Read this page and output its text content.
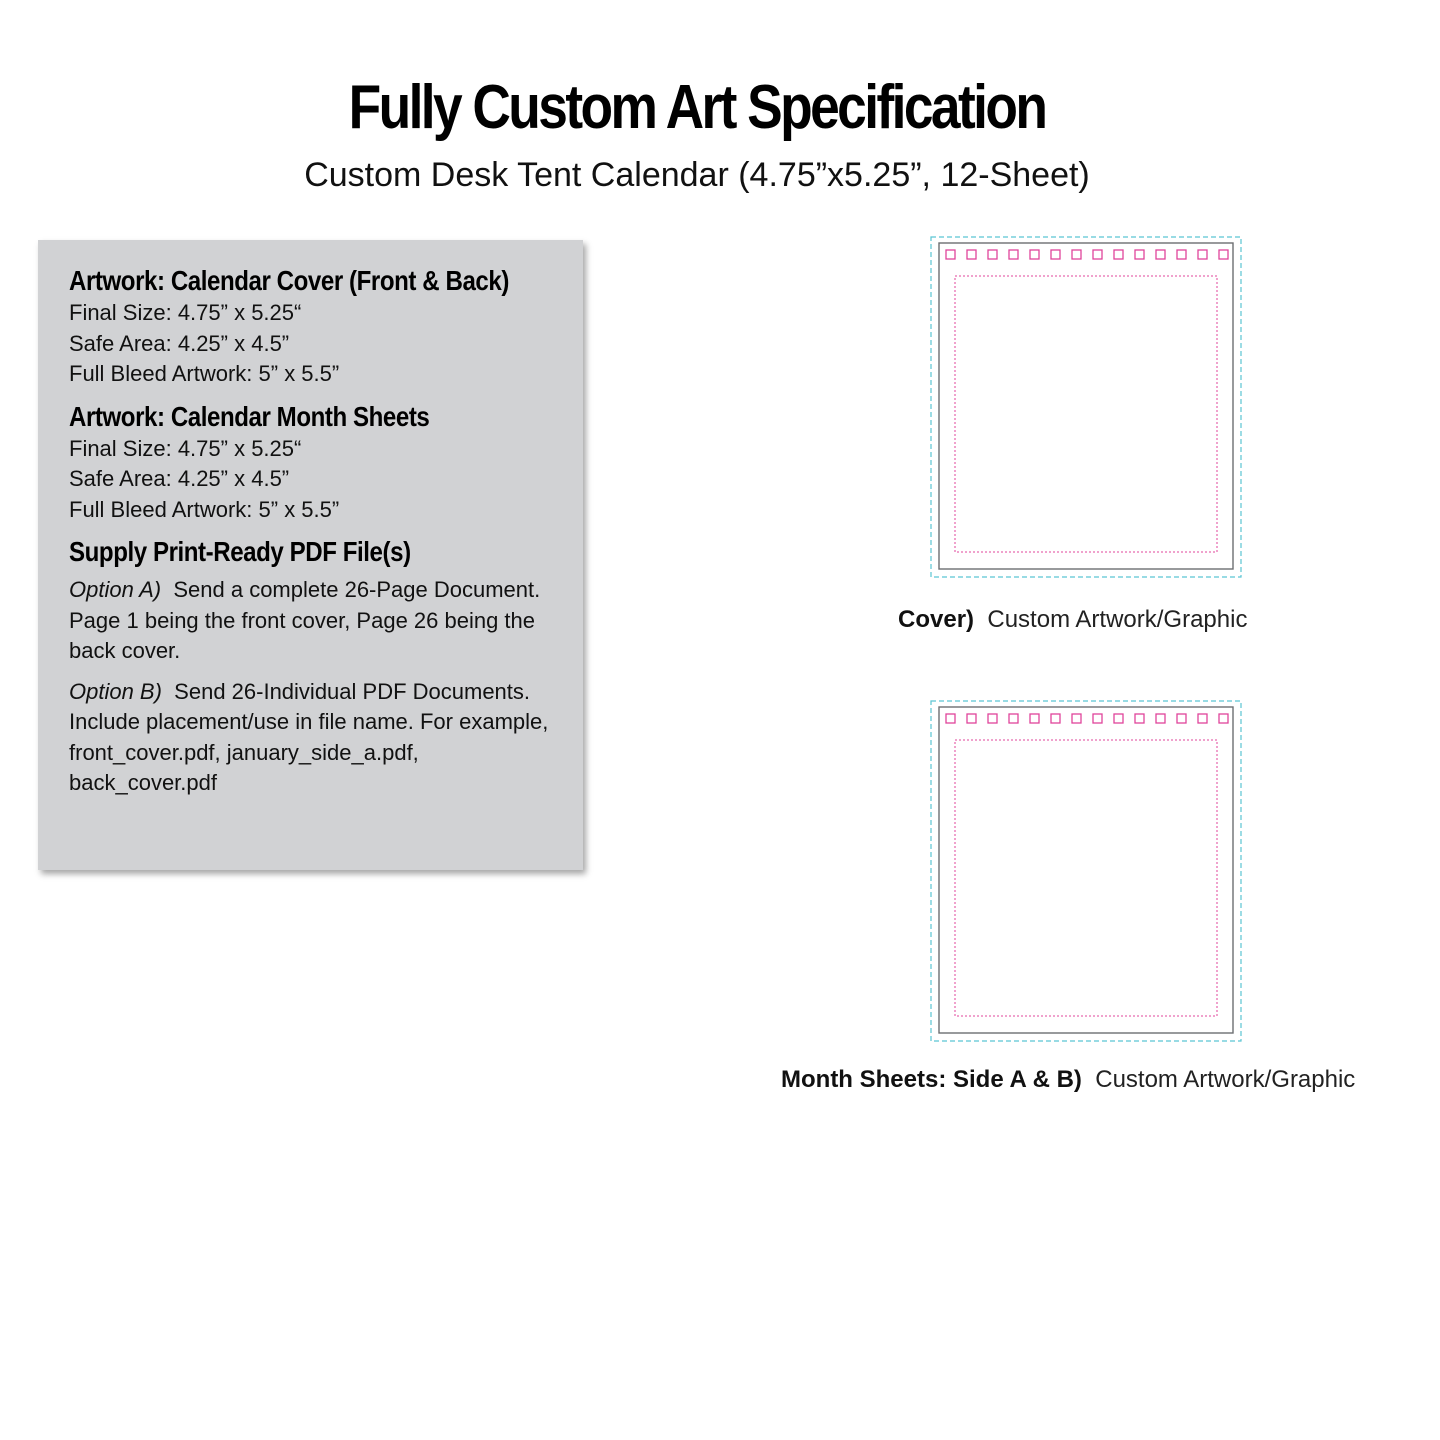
Fully Custom Art Specification
Custom Desk Tent Calendar (4.75”x5.25”, 12-Sheet)
Artwork: Calendar Cover (Front & Back)
Final Size: 4.75” x 5.25“
Safe Area: 4.25” x 4.5”
Full Bleed Artwork: 5” x 5.5”
Artwork: Calendar Month Sheets
Final Size: 4.75” x 5.25“
Safe Area: 4.25” x 4.5”
Full Bleed Artwork: 5” x 5.5”
Supply Print-Ready PDF File(s)
Option A) Send a complete 26-Page Document. Page 1 being the front cover, Page 26 being the back cover.
Option B) Send 26-Individual PDF Documents. Include placement/use in file name. For example, front_cover.pdf, january_side_a.pdf, back_cover.pdf
Cover) Custom Artwork/Graphic
Month Sheets: Side A & B) Custom Artwork/Graphic
